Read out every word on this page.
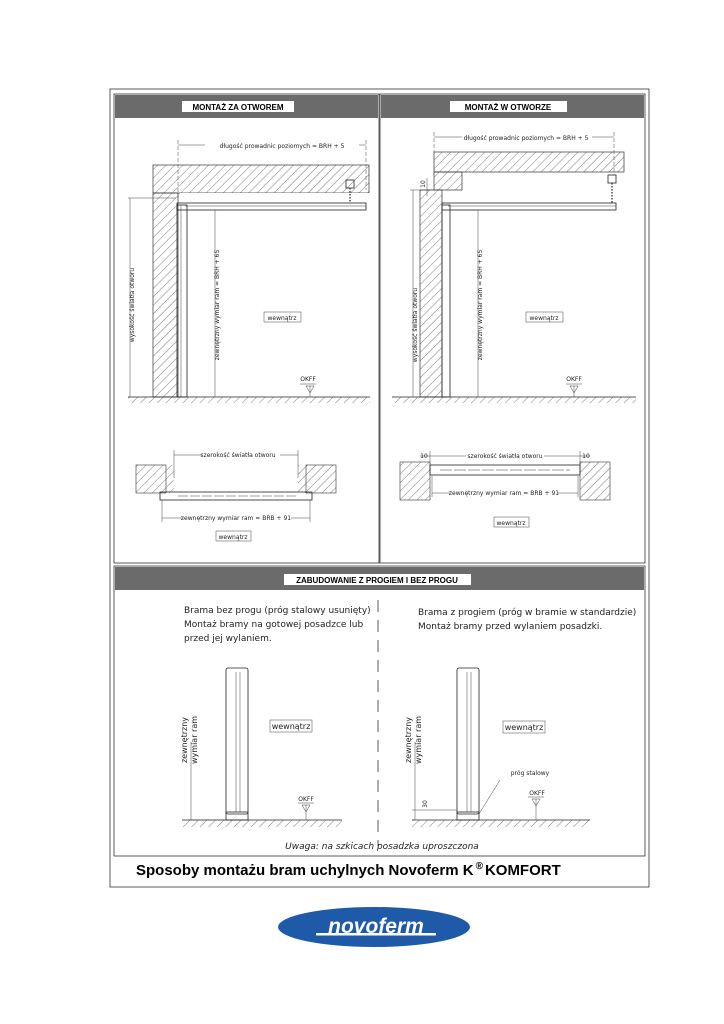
MONTAŻ ZA OTWOREM	MONTAŻ W OTWORZE
ZABUDOWANIE Z PROGIEM I BEZ PROGU
długość prowadnic poziomych = BRH + 5
wysokość światła otworu	zewnętrzny wymiar ram = BRH + 65	wewnątrz
OKFF
szerokość światła otworu
zewnętrzny wymiar ram = BRB + 91
wewnątrz
długość prowadnic poziomych = BRH + 5
wysokość światła otworu	zewnętrzny wymiar ram = BRH + 65
10
wewnątrz
OKFF
szerokość światła otworu
10	10
zewnętrzny wymiar ram = BRB + 91
wewnątrz
Brama bez progu (próg stalowy usunięty)
Montaż bramy na gotowej posadzce lub
przed jej wylaniem.
Brama z progiem (próg w bramie w standardzie)
Montaż bramy przed wylaniem posadzki.
zewnętrzny wymiar ram	wewnątrz
OKFF
zewnętrzny wymiar ram	wewnątrz
próg stalowy
30
OKFF
Uwaga: na szkicach posadzka uproszczona
Sposoby montażu bram uchylnych Novoferm K ® KOMFORT
novoferm
